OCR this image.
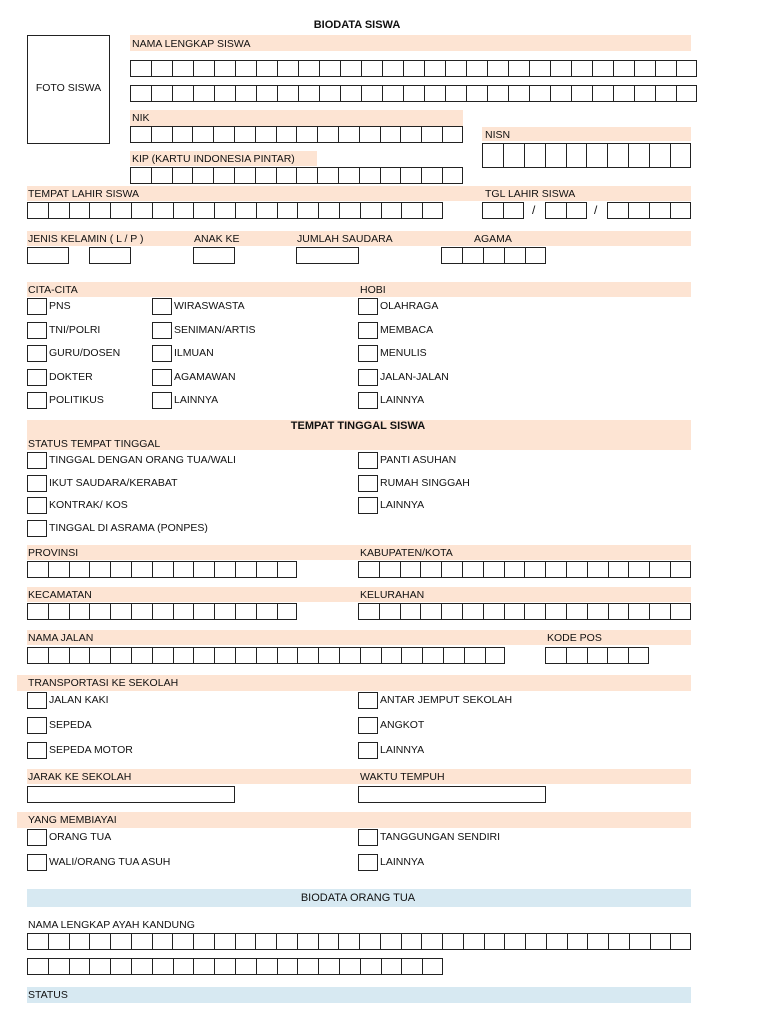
BIODATA SISWA
FOTO SISWA
NAMA LENGKAP SISWA
NIK
NISN
KIP (KARTU INDONESIA PINTAR)
TEMPAT LAHIR SISWA	TGL LAHIR SISWA
/	/
JENIS KELAMIN ( L / P )	ANAK KE	JUMLAH SAUDARA	AGAMA
CITA-CITA	HOBI
PNS
TNI/POLRI
GURU/DOSEN
DOKTER
POLITIKUS
WIRASWASTA
SENIMAN/ARTIS
ILMUAN
AGAMAWAN
LAINNYA
OLAHRAGA
MEMBACA
MENULIS
JALAN-JALAN
LAINNYA
TEMPAT TINGGAL SISWA
STATUS TEMPAT TINGGAL
TINGGAL DENGAN ORANG TUA/WALI
IKUT SAUDARA/KERABAT
KONTRAK/ KOS
TINGGAL DI ASRAMA (PONPES)
PANTI ASUHAN
RUMAH SINGGAH
LAINNYA
PROVINSI	KABUPATEN/KOTA
KECAMATAN	KELURAHAN
NAMA JALAN	KODE POS
TRANSPORTASI KE SEKOLAH
JALAN KAKI
SEPEDA
SEPEDA MOTOR
ANTAR JEMPUT SEKOLAH
ANGKOT
LAINNYA
JARAK KE SEKOLAH	WAKTU TEMPUH
YANG MEMBIAYAI
ORANG TUA
WALI/ORANG TUA ASUH
TANGGUNGAN SENDIRI
LAINNYA
BIODATA ORANG TUA
NAMA LENGKAP AYAH KANDUNG
STATUS
